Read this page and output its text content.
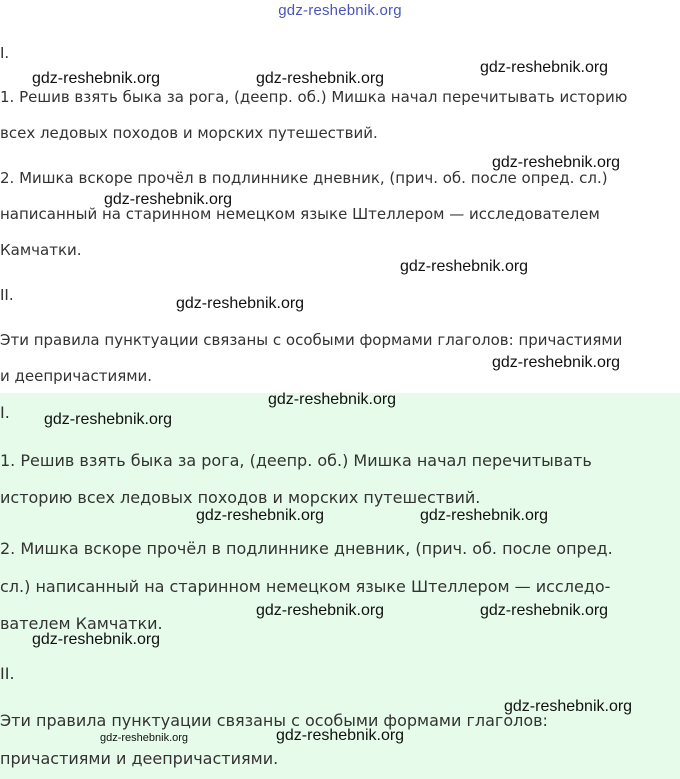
I.
1. Решив взять быка за рога, (деепр. об.) Мишка начал перечитывать историю
всех ледовых походов и морских путешествий.
2. Мишка вскоре прочёл в подлиннике дневник, (прич. об. после опред. сл.)
написанный на старинном немецком языке Штеллером — исследователем
Камчатки.
II.
Эти правила пунктуации связаны с особыми формами глаголов: причастиями
и деепричастиями.
I.
1. Решив взять быка за рога, (деепр. об.) Мишка начал перечитывать
историю всех ледовых походов и морских путешествий.
2. Мишка вскоре прочёл в подлиннике дневник, (прич. об. после опред.
сл.) написанный на старинном немецком языке Штеллером — исследо-
вателем Камчатки.
II.
Эти правила пунктуации связаны с особыми формами глаголов:
причастиями и деепричастиями.
gdz-reshebnik.org
gdz-reshebnik.org	gdz-reshebnik.org
gdz-reshebnik.org
gdz-reshebnik.org
gdz-reshebnik.org
gdz-reshebnik.org
gdz-reshebnik.org
gdz-reshebnik.org
gdz-reshebnik.org
gdz-reshebnik.org
gdz-reshebnik.org	gdz-reshebnik.org
gdz-reshebnik.org	gdz-reshebnik.org
gdz-reshebnik.org
gdz-reshebnik.org
gdz-reshebnik.org
gdz-reshebnik.org
